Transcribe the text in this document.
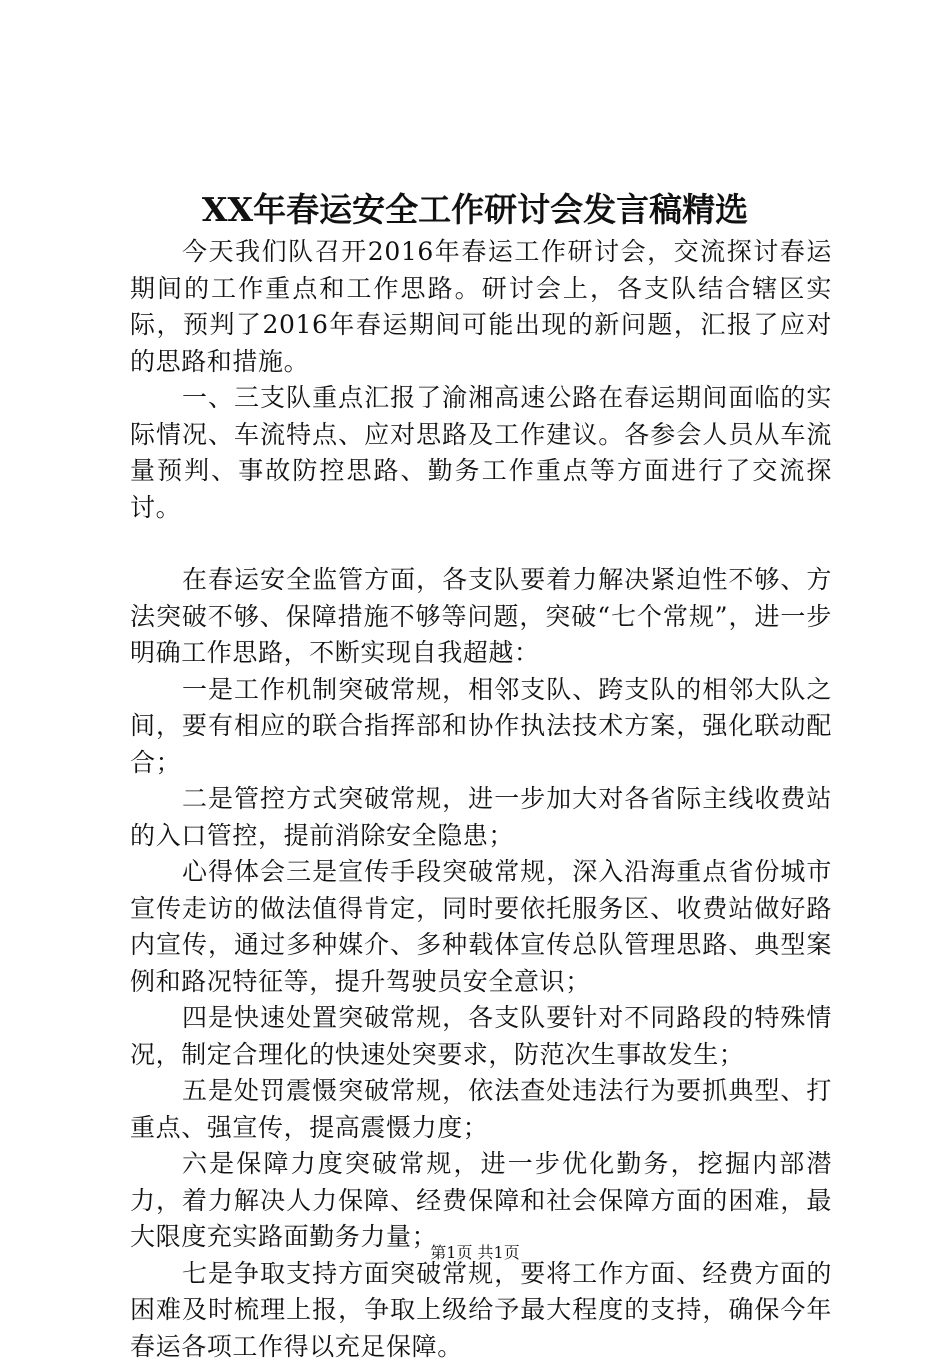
XX年春运安全工作研讨会发言稿精选

今天我们队召开2016年春运工作研讨会，交流探讨春运期间的工作重点和工作思路。研讨会上，各支队结合辖区实际，预判了2016年春运期间可能出现的新问题，汇报了应对的思路和措施。

一、三支队重点汇报了渝湘高速公路在春运期间面临的实际情况、车流特点、应对思路及工作建议。各参会人员从车流量预判、事故防控思路、勤务工作重点等方面进行了交流探讨。

在春运安全监管方面，各支队要着力解决紧迫性不够、方法突破不够、保障措施不够等问题，突破“七个常规”，进一步明确工作思路，不断实现自我超越：

一是工作机制突破常规，相邻支队、跨支队的相邻大队之间，要有相应的联合指挥部和协作执法技术方案，强化联动配合；

二是管控方式突破常规，进一步加大对各省际主线收费站的入口管控，提前消除安全隐患；

心得体会三是宣传手段突破常规，深入沿海重点省份城市宣传走访的做法值得肯定，同时要依托服务区、收费站做好路内宣传，通过多种媒介、多种载体宣传总队管理思路、典型案例和路况特征等，提升驾驶员安全意识；

四是快速处置突破常规，各支队要针对不同路段的特殊情况，制定合理化的快速处突要求，防范次生事故发生；

五是处罚震慑突破常规，依法查处违法行为要抓典型、打重点、强宣传，提高震慑力度；

六是保障力度突破常规，进一步优化勤务，挖掘内部潜力，着力解决人力保障、经费保障和社会保障方面的困难，最大限度充实路面勤务力量；

七是争取支持方面突破常规，要将工作方面、经费方面的困难及时梳理上报，争取上级给予最大程度的支持，确保今年春运各项工作得以充足保障。

第1页 共1页
